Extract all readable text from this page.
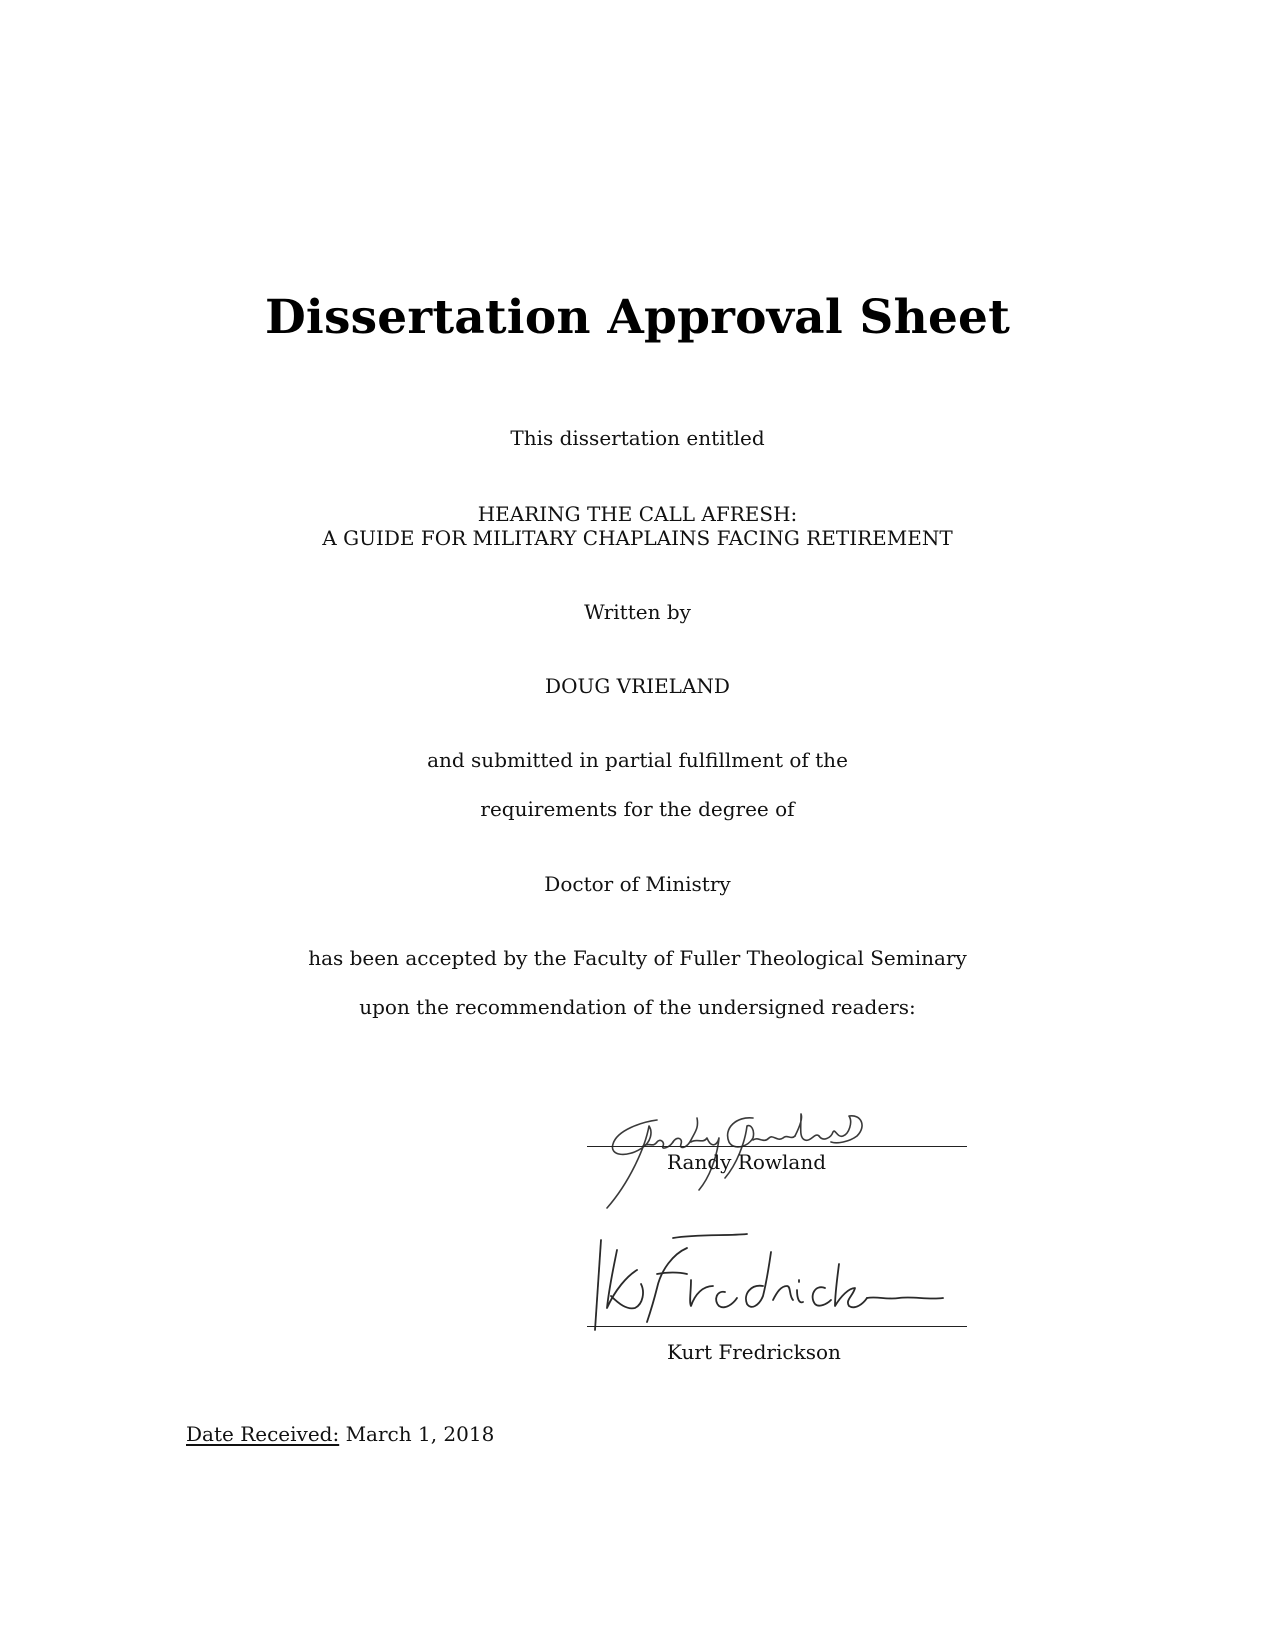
Dissertation Approval Sheet
This dissertation entitled
HEARING THE CALL AFRESH:
A GUIDE FOR MILITARY CHAPLAINS FACING RETIREMENT
Written by
DOUG VRIELAND
and submitted in partial fulfillment of the
requirements for the degree of
Doctor of Ministry
has been accepted by the Faculty of Fuller Theological Seminary
upon the recommendation of the undersigned readers:
Randy Rowland
Kurt Fredrickson
Date Received: March 1, 2018
